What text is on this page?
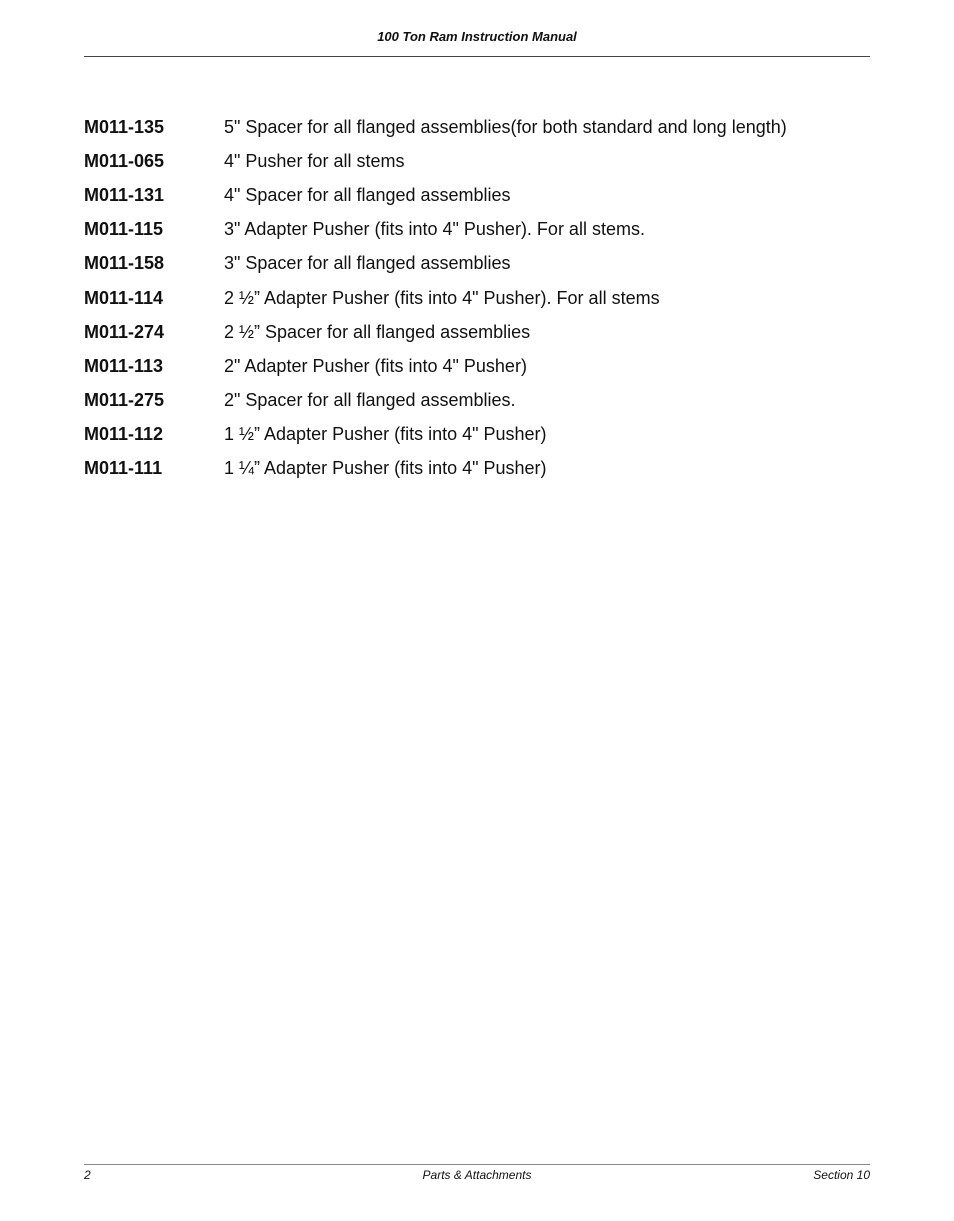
100 Ton Ram Instruction Manual
M011-135	5" Spacer for all flanged assemblies(for both standard and long length)
M011-065	4" Pusher for all stems
M011-131	4" Spacer for all flanged assemblies
M011-115	3" Adapter Pusher (fits into 4" Pusher). For all stems.
M011-158	3" Spacer for all flanged assemblies
M011-114	2 ½” Adapter Pusher (fits into 4" Pusher). For all stems
M011-274	2 ½” Spacer for all flanged assemblies
M011-113	2" Adapter Pusher (fits into 4" Pusher)
M011-275	2" Spacer for all flanged assemblies.
M011-112	1 ½” Adapter Pusher (fits into 4" Pusher)
M011-111	1 ¼” Adapter Pusher (fits into 4" Pusher)
2	Parts & Attachments	Section 10
